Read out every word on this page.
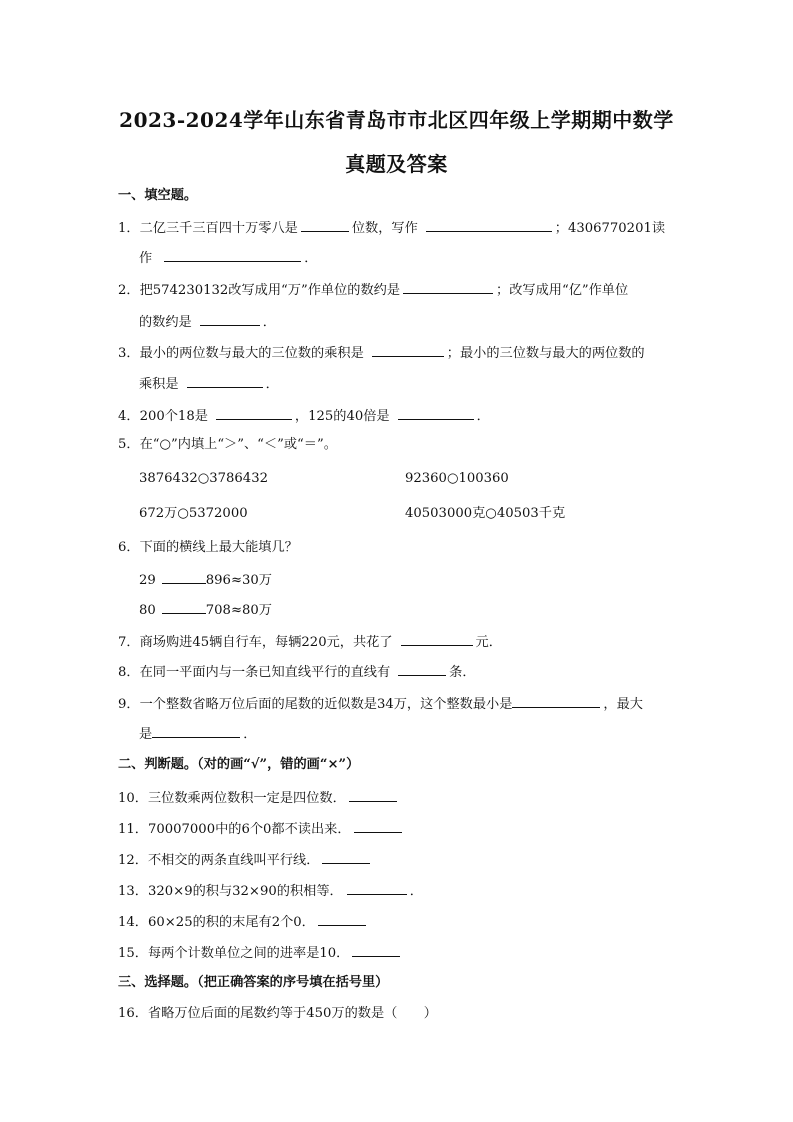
2023-2024学年山东省青岛市市北区四年级上学期期中数学
真题及答案
一、填空题。
1．二亿三千三百四十万零八是	位数，写作	；4306770201读
作	．
2．把574230132改写成用“万”作单位的数约是	；改写成用“亿”作单位
的数约是	．
3．最小的两位数与最大的三位数的乘积是	；最小的三位数与最大的两位数的
乘积是	．
4．200个18是	，125的40倍是	．
5．在“○”内填上“＞”、“＜”或“＝”。
3876432○3786432	92360○100360
672万○5372000	40503000克○40503千克
6．下面的横线上最大能填几？
29	896≈30万
80	708≈80万
7．商场购进45辆自行车，每辆220元，共花了	元．
8．在同一平面内与一条已知直线平行的直线有	条．
9．一个整数省略万位后面的尾数的近似数是34万，这个整数最小是	，最大
是	．
二、判断题。（对的画“√”，错的画“×”）
10．三位数乘两位数积一定是四位数．
11．70007000中的6个0都不读出来．
12．不相交的两条直线叫平行线．
13．320×9的积与32×90的积相等．	．
14．60×25的积的末尾有2个0．
15．每两个计数单位之间的进率是10．
三、选择题。（把正确答案的序号填在括号里）
16．省略万位后面的尾数约等于450万的数是（　　）
